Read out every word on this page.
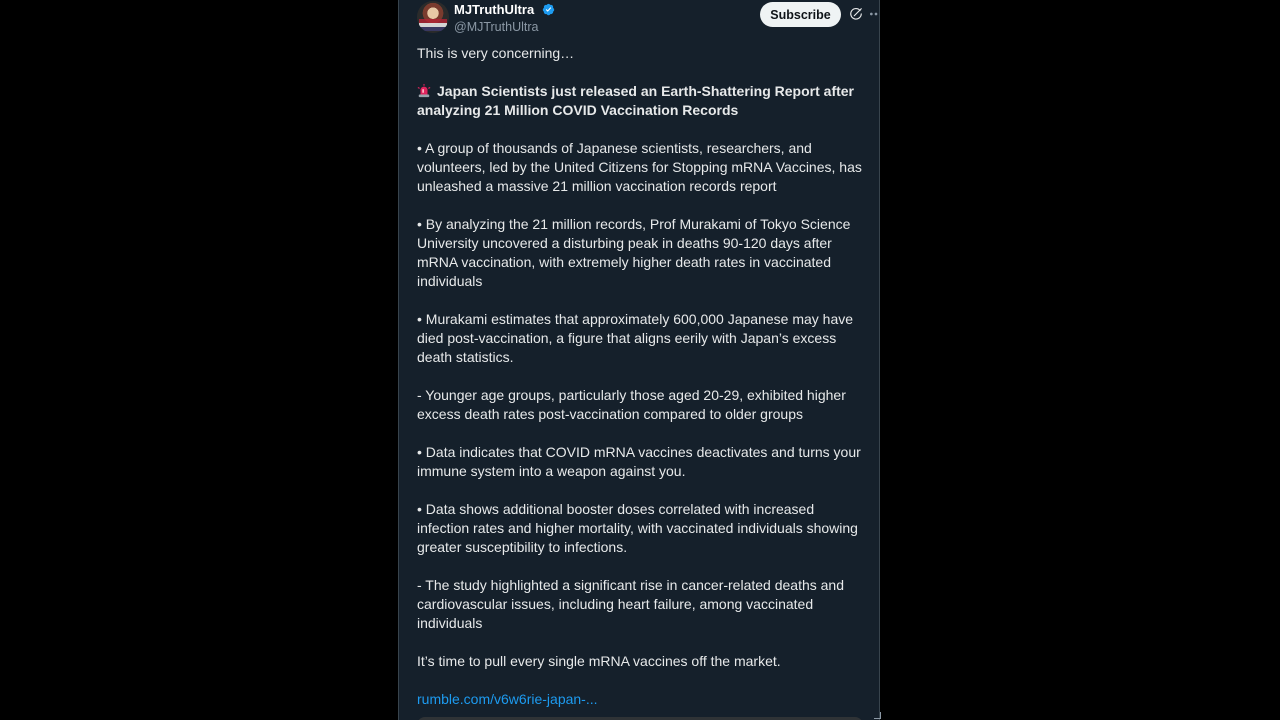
MJTruthUltra
@MJTruthUltra
Subscribe

This is very concerning…

Japan Scientists just released an Earth-Shattering Report after analyzing 21 Million COVID Vaccination Records

• A group of thousands of Japanese scientists, researchers, and volunteers, led by the United Citizens for Stopping mRNA Vaccines, has unleashed a massive 21 million vaccination records report

• By analyzing the 21 million records, Prof Murakami of Tokyo Science University uncovered a disturbing peak in deaths 90-120 days after mRNA vaccination, with extremely higher death rates in vaccinated individuals

• Murakami estimates that approximately 600,000 Japanese may have died post-vaccination, a figure that aligns eerily with Japan’s excess death statistics.

- Younger age groups, particularly those aged 20-29, exhibited higher excess death rates post-vaccination compared to older groups

• Data indicates that COVID mRNA vaccines deactivates and turns your immune system into a weapon against you.

• Data shows additional booster doses correlated with increased infection rates and higher mortality, with vaccinated individuals showing greater susceptibility to infections.

- The study highlighted a significant rise in cancer-related deaths and cardiovascular issues, including heart failure, among vaccinated individuals

It’s time to pull every single mRNA vaccines off the market.

rumble.com/v6w6rie-japan-...
